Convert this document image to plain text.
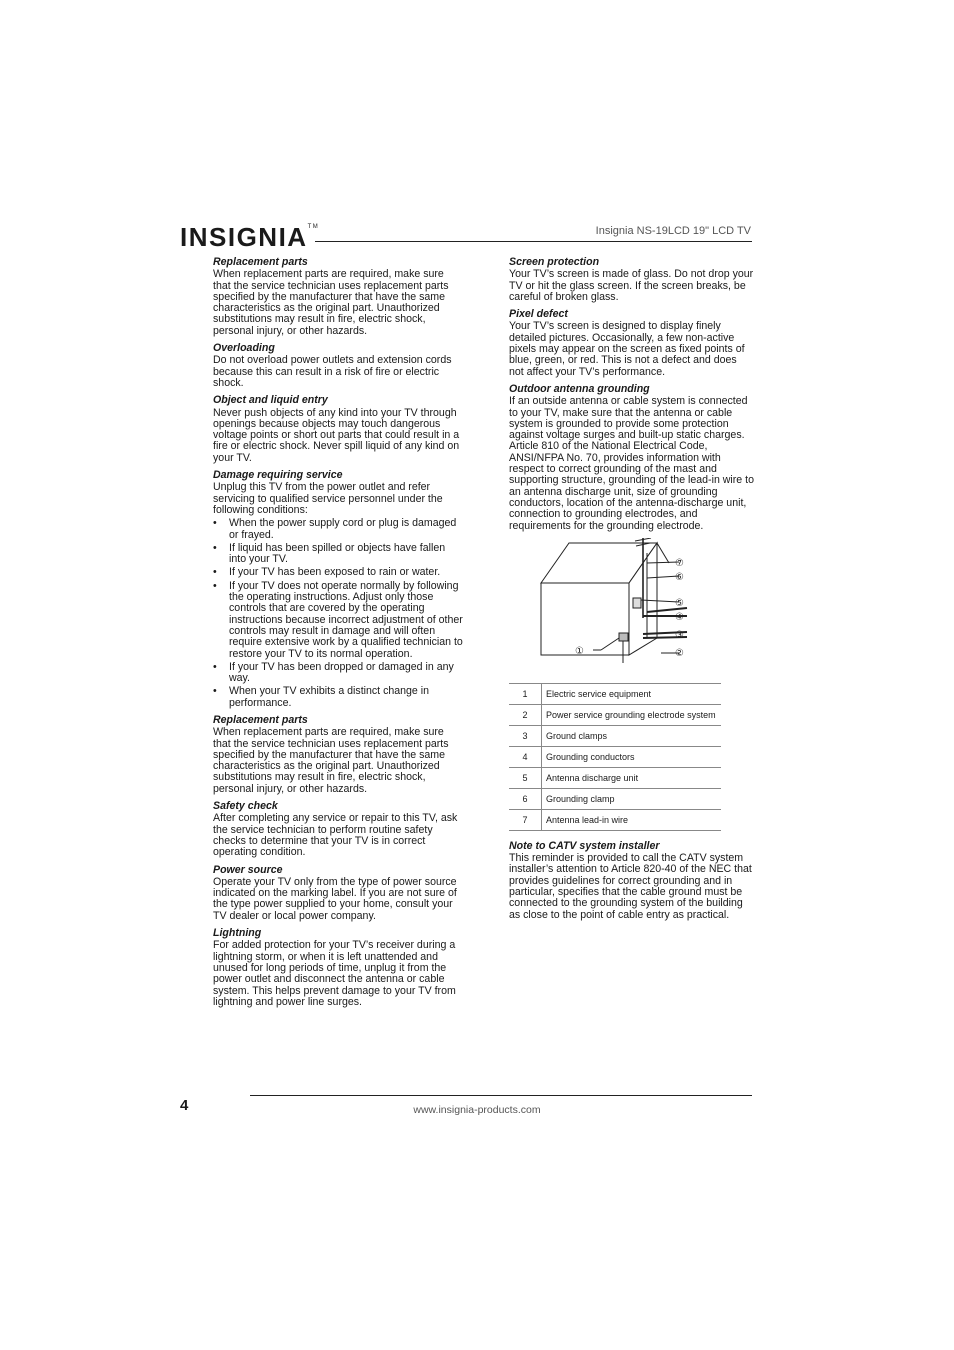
INSIGNIA™	Insignia NS-19LCD 19" LCD TV

Replacement parts

When replacement parts are required, make sure that the service technician uses replacement parts specified by the manufacturer that have the same characteristics as the original part. Unauthorized substitutions may result in fire, electric shock, personal injury, or other hazards.

Overloading

Do not overload power outlets and extension cords because this can result in a risk of fire or electric shock.

Object and liquid entry

Never push objects of any kind into your TV through openings because objects may touch dangerous voltage points or short out parts that could result in a fire or electric shock. Never spill liquid of any kind on your TV.

Damage requiring service

Unplug this TV from the power outlet and refer servicing to qualified service personnel under the following conditions:

• When the power supply cord or plug is damaged or frayed.
• If liquid has been spilled or objects have fallen into your TV.
• If your TV has been exposed to rain or water.
• If your TV does not operate normally by following the operating instructions. Adjust only those controls that are covered by the operating instructions because incorrect adjustment of other controls may result in damage and will often require extensive work by a qualified technician to restore your TV to its normal operation.
• If your TV has been dropped or damaged in any way.
• When your TV exhibits a distinct change in performance.

Replacement parts

When replacement parts are required, make sure that the service technician uses replacement parts specified by the manufacturer that have the same characteristics as the original part. Unauthorized substitutions may result in fire, electric shock, personal injury, or other hazards.

Safety check

After completing any service or repair to this TV, ask the service technician to perform routine safety checks to determine that your TV is in correct operating condition.

Power source

Operate your TV only from the type of power source indicated on the marking label. If you are not sure of the type power supplied to your home, consult your TV dealer or local power company.

Lightning

For added protection for your TV’s receiver during a lightning storm, or when it is left unattended and unused for long periods of time, unplug it from the power outlet and disconnect the antenna or cable system. This helps prevent damage to your TV from lightning and power line surges.

Screen protection

Your TV’s screen is made of glass. Do not drop your TV or hit the glass screen. If the screen breaks, be careful of broken glass.

Pixel defect

Your TV’s screen is designed to display finely detailed pictures. Occasionally, a few non-active pixels may appear on the screen as fixed points of blue, green, or red. This is not a defect and does not affect your TV’s performance.

Outdoor antenna grounding

If an outside antenna or cable system is connected to your TV, make sure that the antenna or cable system is grounded to provide some protection against voltage surges and built-up static charges. Article 810 of the National Electrical Code, ANSI/NFPA No. 70, provides information with respect to correct grounding of the mast and supporting structure, grounding of the lead-in wire to an antenna discharge unit, size of grounding conductors, location of the antenna-discharge unit, connection to grounding electrodes, and requirements for the grounding electrode.

①	②
③
④
⑤
⑥
⑦
1	Electric service equipment
2	Power service grounding electrode system
3	Ground clamps
4	Grounding conductors
5	Antenna discharge unit
6	Grounding clamp
7	Antenna lead-in wire

Note to CATV system installer

This reminder is provided to call the CATV system installer’s attention to Article 820-40 of the NEC that provides guidelines for correct grounding and in particular, specifies that the cable ground must be connected to the grounding system of the building as close to the point of cable entry as practical.

4	www.insignia-products.com
